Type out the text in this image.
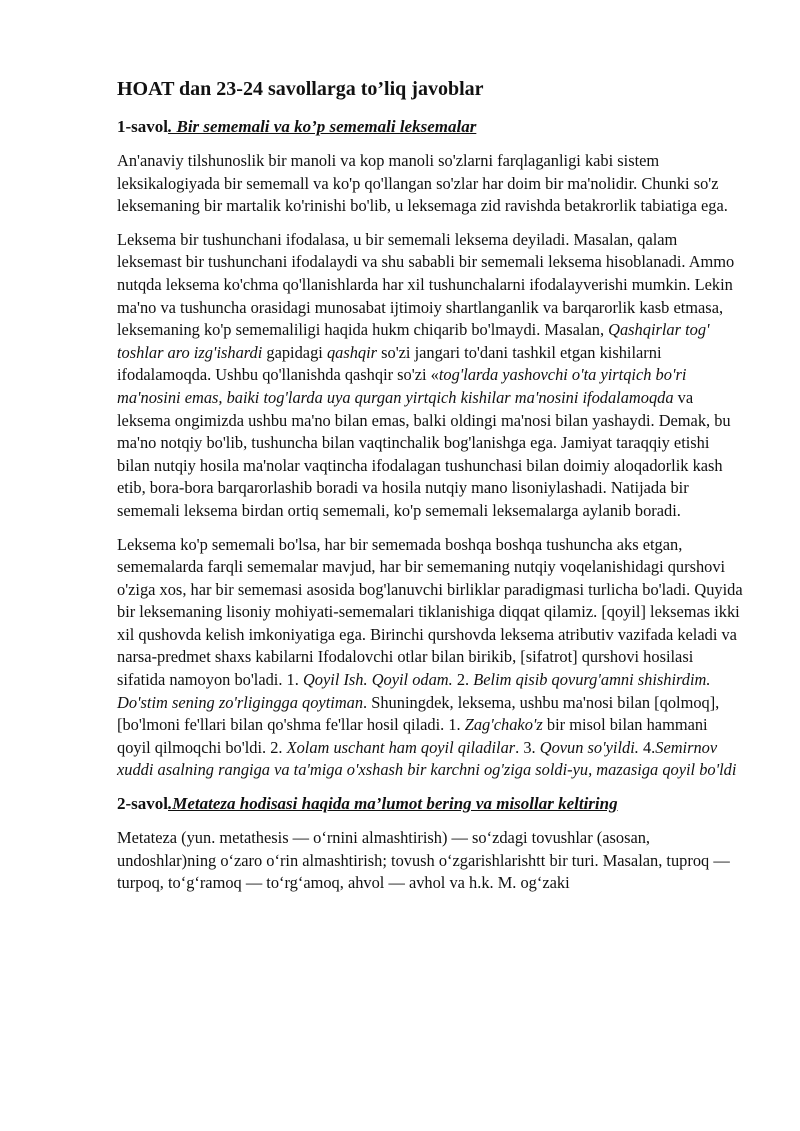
HOAT dan 23-24 savollarga to’liq javoblar
1-savol. Bir sememali va ko’p sememali leksemalar

An'anaviy tilshunoslik bir manoli va kop manoli so'zlarni farqlaganligi kabi sistem leksikalogiyada bir sememall va ko'p qo'llangan so'zlar har doim bir ma'nolidir. Chunki so'z leksemaning bir martalik ko'rinishi bo'lib, u leksemaga zid ravishda betakrorlik tabiatiga ega.

Leksema bir tushunchani ifodalasa, u bir sememali leksema deyiladi. Masalan, qalam leksemast bir tushunchani ifodalaydi va shu sababli bir sememali leksema hisoblanadi. Ammo nutqda leksema ko'chma qo'llanishlarda har xil tushunchalarni ifodalayverishi mumkin. Lekin ma'no va tushuncha orasidagi munosabat ijtimoiy shartlanganlik va barqarorlik kasb etmasa, leksemaning ko'p sememaliligi haqida hukm chiqarib bo'lmaydi. Masalan, Qashqirlar tog' toshlar aro izg'ishardi gapidagi qashqir so'zi jangari to'dani tashkil etgan kishilarni ifodalamoqda. Ushbu qo'llanishda qashqir so'zi «tog'larda yashovchi o'ta yirtqich bo'ri ma'nosini emas, baiki tog'larda uya qurgan yirtqich kishilar ma'nosini ifodalamoqda va leksema ongimizda ushbu ma'no bilan emas, balki oldingi ma'nosi bilan yashaydi. Demak, bu ma'no notqiy bo'lib, tushuncha bilan vaqtinchalik bog'lanishga ega. Jamiyat taraqqiy etishi bilan nutqiy hosila ma'nolar vaqtincha ifodalagan tushunchasi bilan doimiy aloqadorlik kash etib, bora-bora barqarorlashib boradi va hosila nutqiy mano lisoniylashadi. Natijada bir sememali leksema birdan ortiq sememali, ko'p sememali leksemalarga aylanib boradi.

Leksema ko'p sememali bo'lsa, har bir sememada boshqa boshqa tushuncha aks etgan, sememalarda farqli sememalar mavjud, har bir sememaning nutqiy voqelanishidagi qurshovi o'ziga xos, har bir sememasi asosida bog'lanuvchi birliklar paradigmasi turlicha bo'ladi. Quyida bir leksemaning lisoniy mohiyati-sememalari tiklanishiga diqqat qilamiz. [qoyil] leksemas ikki xil qushovda kelish imkoniyatiga ega. Birinchi qurshovda leksema atributiv vazifada keladi va narsa-predmet shaxs kabilarni Ifodalovchi otlar bilan birikib, [sifatrot] qurshovi hosilasi sifatida namoyon bo'ladi. 1. Qoyil Ish. Qoyil odam. 2. Belim qisib qovurg'amni shishirdim. Do'stim sening zo'rligingga qoytiman. Shuningdek, leksema, ushbu ma'nosi bilan [qolmoq], [bo'lmoni fe'llari bilan qo'shma fe'llar hosil qiladi. 1. Zag'chako'z bir misol bilan hammani qoyil qilmoqchi bo'ldi. 2. Xolam uschant ham qoyil qiladilar. 3. Qovun so'yildi. 4.Semirnov xuddi asalning rangiga va ta'miga o'xshash bir karchni og'ziga soldi-yu, mazasiga qoyil bo'ldi

2-savol.Metateza hodisasi haqida ma’lumot bering va misollar keltiring

Metateza (yun. metathesis — oʻrnini almashtirish) — soʻzdagi tovushlar (asosan, undoshlar)ning oʻzaro oʻrin almashtirish; tovush oʻzgarishlarishtt bir turi. Masalan, tuproq — turpoq, toʻgʻramoq — toʻrgʻamoq, ahvol — avhol va h.k. M. ogʻzaki
